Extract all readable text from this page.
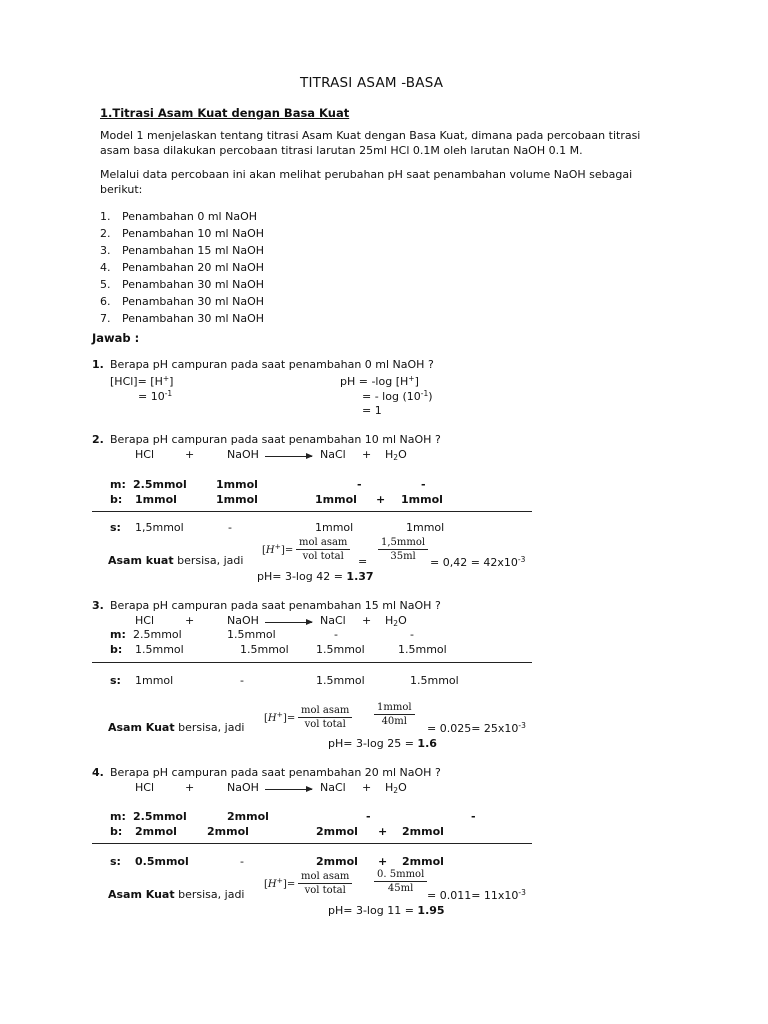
TITRASI ASAM -BASA
1.Titrasi Asam Kuat dengan Basa Kuat
Model 1 menjelaskan tentang titrasi Asam Kuat dengan Basa Kuat, dimana pada percobaan titrasi
asam basa dilakukan percobaan titrasi larutan 25ml HCl 0.1M oleh larutan NaOH 0.1 M.
Melalui data percobaan ini akan melihat perubahan pH saat penambahan volume NaOH sebagai
berikut:
1. Penambahan 0 ml NaOH
2. Penambahan 10 ml NaOH
3. Penambahan 15 ml NaOH
4. Penambahan 20 ml NaOH
5. Penambahan 30 ml NaOH
6. Penambahan 30 ml NaOH
7. Penambahan 30 ml NaOH
Jawab :
1. Berapa pH campuran pada saat penambahan 0 ml NaOH ?
[HCl]= [H+]
= $10^{-1}$
pH = -log [H+]
= - $\log (10^{-1})$
= 1
2. Berapa pH campuran pada saat penambahan 10 ml NaOH ?
HCl	+	NaOH → NaCl + $H_2O$
m: 2.5mmol	1mmol	-	-
b: 1mmol	1mmol	1mmol + 1mmol
s: 1,5mmol	-	1mmol	1mmol
Asam kuat bersisa, jadi
[H+]=
mol asam
vol total =
1,5mmol
$35ml = 0,42 = 42x10^{-3}$
pH= 3-log 42 = 1.37
3. Berapa pH campuran pada saat penambahan 15 ml NaOH ?
HCl	+	NaOH → NaCl + $H_2O$
m: 2.5mmol	1.5mmol	-	-
b: 1.5mmol	1.5mmol 1.5mmol	1.5mmol
s: 1mmol	-	1.5mmol	1.5mmol
Asam Kuat bersisa, jadi
[H+]=
mol asam
vol total
1mmol
40ml
= $0.025= 25x10^{-3}$
pH= 3-log 25 = 1.6
4. Berapa pH campuran pada saat penambahan 20 ml NaOH ?
HCl	+	NaOH → NaCl + $H_2O$
m: 2.5mmol	2mmol	-	-
b: 2mmol	2mmol	2mmol + 2mmol
s: 0.5mmol	-	2mmol + 2mmol
Asam Kuat bersisa, jadi
[H+]=
mol asam
vol total
0. 5mmol
45ml
= $0.011= 11x10^{-3}$
pH= 3-log 11 = 1.95
